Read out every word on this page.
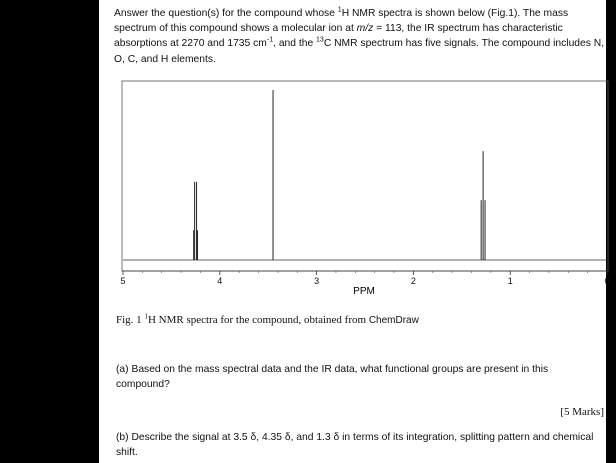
Answer the question(s) for the compound whose $^1$H NMR spectra is shown below (Fig.1). The mass spectrum of this compound shows a molecular ion at m/z = 113, the IR spectrum has characteristic absorptions at 2270 and 1735 $cm^{-1}$, and the $^{13}$C NMR spectrum has five signals. The compound includes N, O, C, and H elements.
5	4	3	2	1	0
PPM
Fig. 1 $^1$H NMR spectra for the compound, obtained from ChemDraw
(a) Based on the mass spectral data and the IR data, what functional groups are present in this compound?
[5 Marks]
(b) Describe the signal at 3.5 δ, 4.35 δ, and 1.3 δ in terms of its integration, splitting pattern and chemical shift.
